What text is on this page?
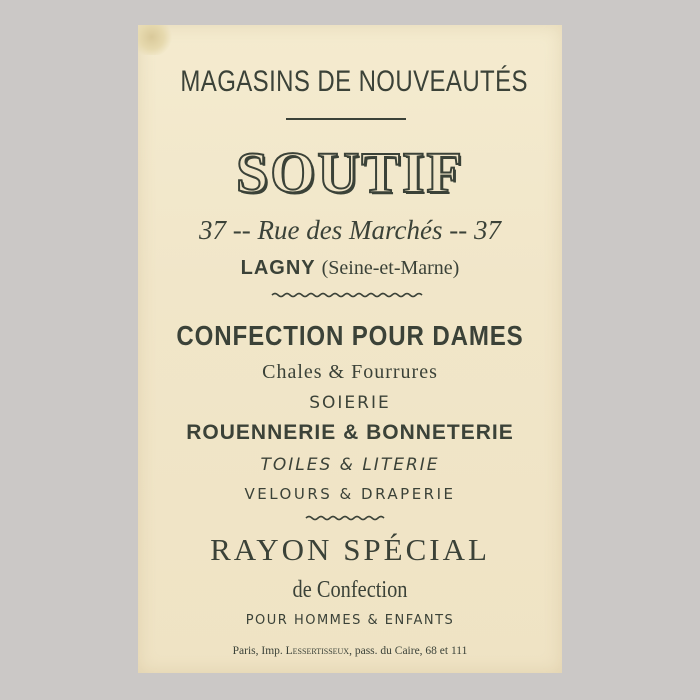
MAGASINS DE NOUVEAUTÉS
SOUTIF
37 -- Rue des Marchés -- 37
LAGNY (Seine-et-Marne)
CONFECTION POUR DAMES
Chales & Fourrures
SOIERIE
ROUENNERIE & BONNETERIE
TOILES & LITERIE
VELOURS & DRAPERIE
RAYON SPÉCIAL
de Confection
POUR HOMMES & ENFANTS
Paris, Imp. Lessertisseux, pass. du Caire, 68 et 111
